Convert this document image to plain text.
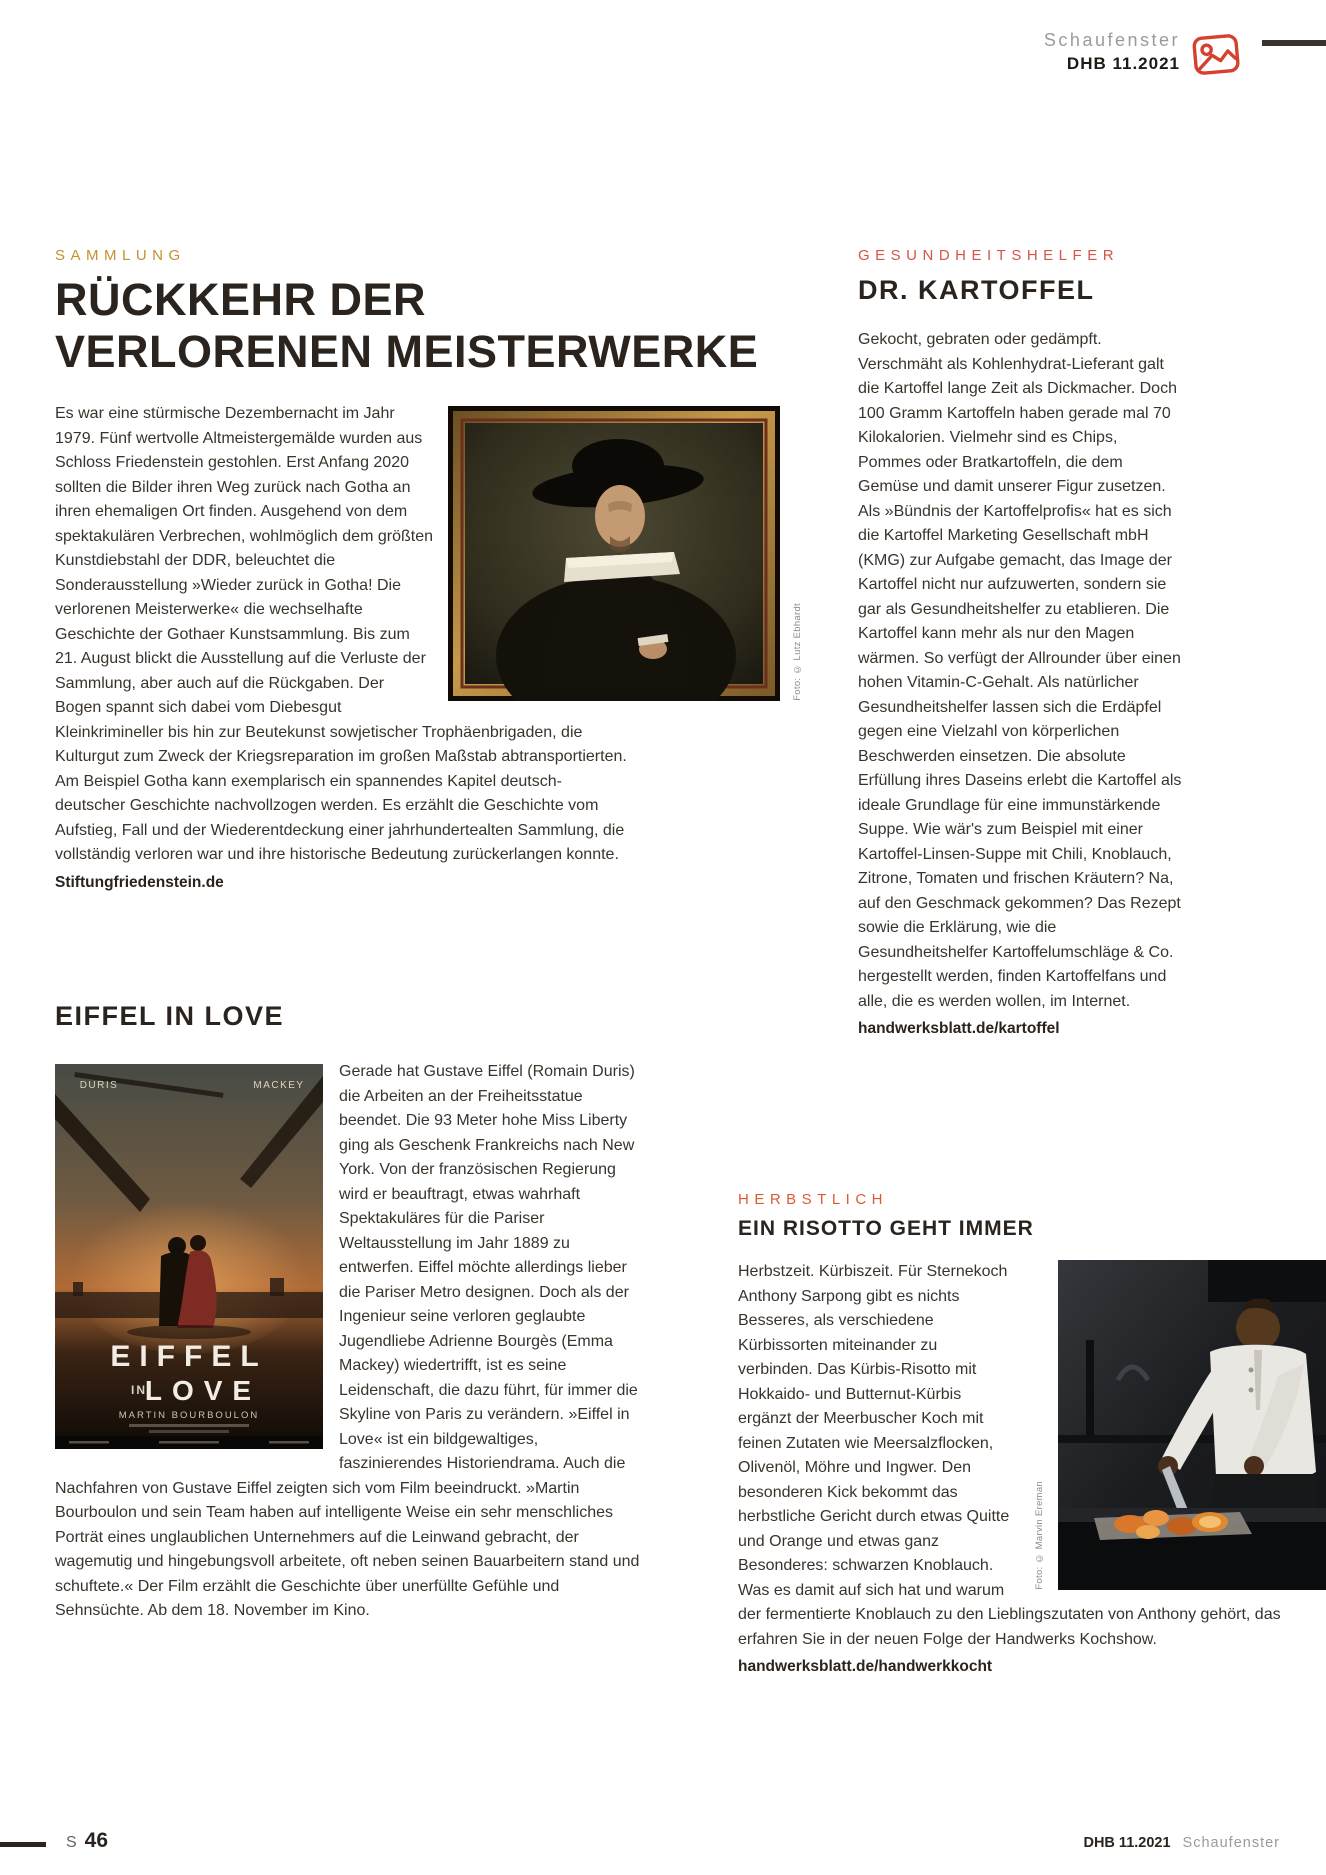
Schaufenster
DHB 11.2021
SAMMLUNG
RÜCKKEHR DER
VERLORENEN MEISTERWERKE
Foto: © Lutz Ebhardt

Es war eine stürmische Dezembernacht im Jahr 1979. Fünf wertvolle Altmeistergemälde wurden aus Schloss Friedenstein gestohlen. Erst Anfang 2020 sollten die Bilder ihren Weg zurück nach Gotha an ihren ehemaligen Ort finden. Ausgehend von dem spektakulären Verbrechen, wohlmöglich dem größten Kunstdiebstahl der DDR, beleuchtet die Sonderausstellung »Wieder zurück in Gotha! Die verlorenen Meisterwerke« die wechselhafte Geschichte der Gothaer Kunstsammlung. Bis zum 21. August blickt die Ausstellung auf die Verluste der Sammlung, aber auch auf die Rückgaben. Der Bogen spannt sich dabei vom Diebesgut Kleinkrimineller bis hin zur Beutekunst sowjetischer Trophäenbrigaden, die Kulturgut zum Zweck der Kriegsreparation im großen Maßstab abtransportierten. Am Beispiel Gotha kann exemplarisch ein spannendes Kapitel deutsch-deutscher Geschichte nachvollzogen werden. Es erzählt die Geschichte vom Aufstieg, Fall und der Wiederentdeckung einer jahrhundertealten Sammlung, die vollständig verloren war und ihre historische Bedeutung zurückerlangen konnte.

Stiftungfriedenstein.de
EIFFEL IN LOVE
DURIS	MACKEY
EIFFEL
IN
LOVE
MARTIN BOURBOULON

Gerade hat Gustave Eiffel (Romain Duris) die Arbeiten an der Freiheitsstatue beendet. Die 93 Meter hohe Miss Liberty ging als Geschenk Frankreichs nach New York. Von der französischen Regierung wird er beauftragt, etwas wahrhaft Spektakuläres für die Pariser Weltausstellung im Jahr 1889 zu entwerfen. Eiffel möchte allerdings lieber die Pariser Metro designen. Doch als der Ingenieur seine verloren geglaubte Jugendliebe Adrienne Bourgès (Emma Mackey) wiedertrifft, ist es seine Leidenschaft, die dazu führt, für immer die Skyline von Paris zu verändern. »Eiffel in Love« ist ein bildgewaltiges, faszinierendes Historiendrama. Auch die Nachfahren von Gustave Eiffel zeigten sich vom Film beeindruckt. »Martin Bourboulon und sein Team haben auf intelligente Weise ein sehr menschliches Porträt eines unglaublichen Unternehmers auf die Leinwand gebracht, der wagemutig und hingebungsvoll arbeitete, oft neben seinen Bauarbeitern stand und schuftete.« Der Film erzählt die Geschichte über unerfüllte Gefühle und Sehnsüchte. Ab dem 18. November im Kino.

GESUNDHEITSHELFER
DR. KARTOFFEL

Gekocht, gebraten oder gedämpft. Verschmäht als Kohlenhydrat-Lieferant galt die Kartoffel lange Zeit als Dickmacher. Doch 100 Gramm Kartoffeln haben gerade mal 70 Kilokalorien. Vielmehr sind es Chips, Pommes oder Bratkartoffeln, die dem Gemüse und damit unserer Figur zusetzen. Als »Bündnis der Kartoffelprofis« hat es sich die Kartoffel Marketing Gesellschaft mbH (KMG) zur Aufgabe gemacht, das Image der Kartoffel nicht nur aufzuwerten, sondern sie gar als Gesundheitshelfer zu etablieren. Die Kartoffel kann mehr als nur den Magen wärmen. So verfügt der Allrounder über einen hohen Vitamin-C-Gehalt. Als natürlicher Gesundheitshelfer lassen sich die Erdäpfel gegen eine Vielzahl von körperlichen Beschwerden einsetzen. Die absolute Erfüllung ihres Daseins erlebt die Kartoffel als ideale Grundlage für eine immunstärkende Suppe. Wie wär's zum Beispiel mit einer Kartoffel-Linsen-Suppe mit Chili, Knoblauch, Zitrone, Tomaten und frischen Kräutern? Na, auf den Geschmack gekommen? Das Rezept sowie die Erklärung, wie die Gesundheitshelfer Kartoffelumschläge & Co. hergestellt werden, finden Kartoffelfans und alle, die es werden wollen, im Internet.

handwerksblatt.de/kartoffel
HERBSTLICH
EIN RISOTTO GEHT IMMER
Foto: © Marvin Ereman

Herbstzeit. Kürbiszeit. Für Sternekoch Anthony Sarpong gibt es nichts Besseres, als verschiedene Kürbissorten miteinander zu verbinden. Das Kürbis-Risotto mit Hokkaido- und Butternut-Kürbis ergänzt der Meerbuscher Koch mit feinen Zutaten wie Meersalzflocken, Olivenöl, Möhre und Ingwer. Den besonderen Kick bekommt das herbstliche Gericht durch etwas Quitte und Orange und etwas ganz Besonderes: schwarzen Knoblauch. Was es damit auf sich hat und warum der fermentierte Knoblauch zu den Lieblingszutaten von Anthony gehört, das erfahren Sie in der neuen Folge der Handwerks Kochshow.

handwerksblatt.de/handwerkkocht
S 46	DHB 11.2021 Schaufenster
